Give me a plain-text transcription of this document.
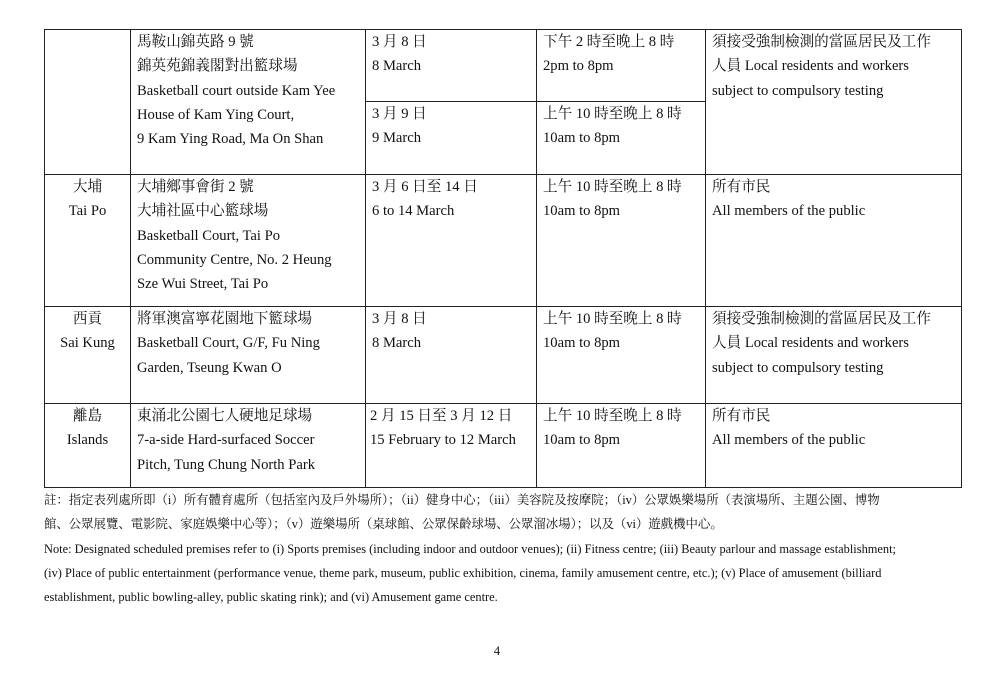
	馬鞍山錦英路 9 號
錦英苑錦義閣對出籃球場
Basketball court outside Kam Yee
House of Kam Ying Court,
9 Kam Ying Road, Ma On Shan	3 月 8 日
8 March	下午 2 時至晚上 8 時
2pm to 8pm	須接受強制檢測的當區居民及工作
人員 Local residents and workers
subject to compulsory testing

		3 月 9 日
9 March	上午 10 時至晚上 8 時
10am to 8pm	

大埔
Tai Po	大埔鄉事會街 2 號
大埔社區中心籃球場
Basketball Court, Tai Po
Community Centre, No. 2 Heung
Sze Wui Street, Tai Po	3 月 6 日至 14 日
6 to 14 March	上午 10 時至晚上 8 時
10am to 8pm	所有市民
All members of the public

西貢
Sai Kung	將軍澳富寧花園地下籃球場
Basketball Court, G/F, Fu Ning
Garden, Tseung Kwan O	3 月 8 日
8 March	上午 10 時至晚上 8 時
10am to 8pm	須接受強制檢測的當區居民及工作
人員 Local residents and workers
subject to compulsory testing

離島
Islands	東涌北公園七人硬地足球場
7-a-side Hard-surfaced Soccer
Pitch, Tung Chung North Park	2 月 15 日至 3 月 12 日
15 February to 12 March	上午 10 時至晚上 8 時
10am to 8pm	所有市民
All members of the public

註：指定表列處所即（i）所有體育處所（包括室內及戶外場所）；（ii）健身中心；（iii）美容院及按摩院；（iv）公眾娛樂場所（表演場所、主題公園、博物

館、公眾展覽、電影院、家庭娛樂中心等）；（v）遊樂場所（桌球館、公眾保齡球場、公眾溜冰場）；以及（vi）遊戲機中心。

Note: Designated scheduled premises refer to (i) Sports premises (including indoor and outdoor venues); (ii) Fitness centre; (iii) Beauty parlour and massage establishment;

(iv) Place of public entertainment (performance venue, theme park, museum, public exhibition, cinema, family amusement centre, etc.); (v) Place of amusement (billiard

establishment, public bowling-alley, public skating rink); and (vi) Amusement game centre.

4
